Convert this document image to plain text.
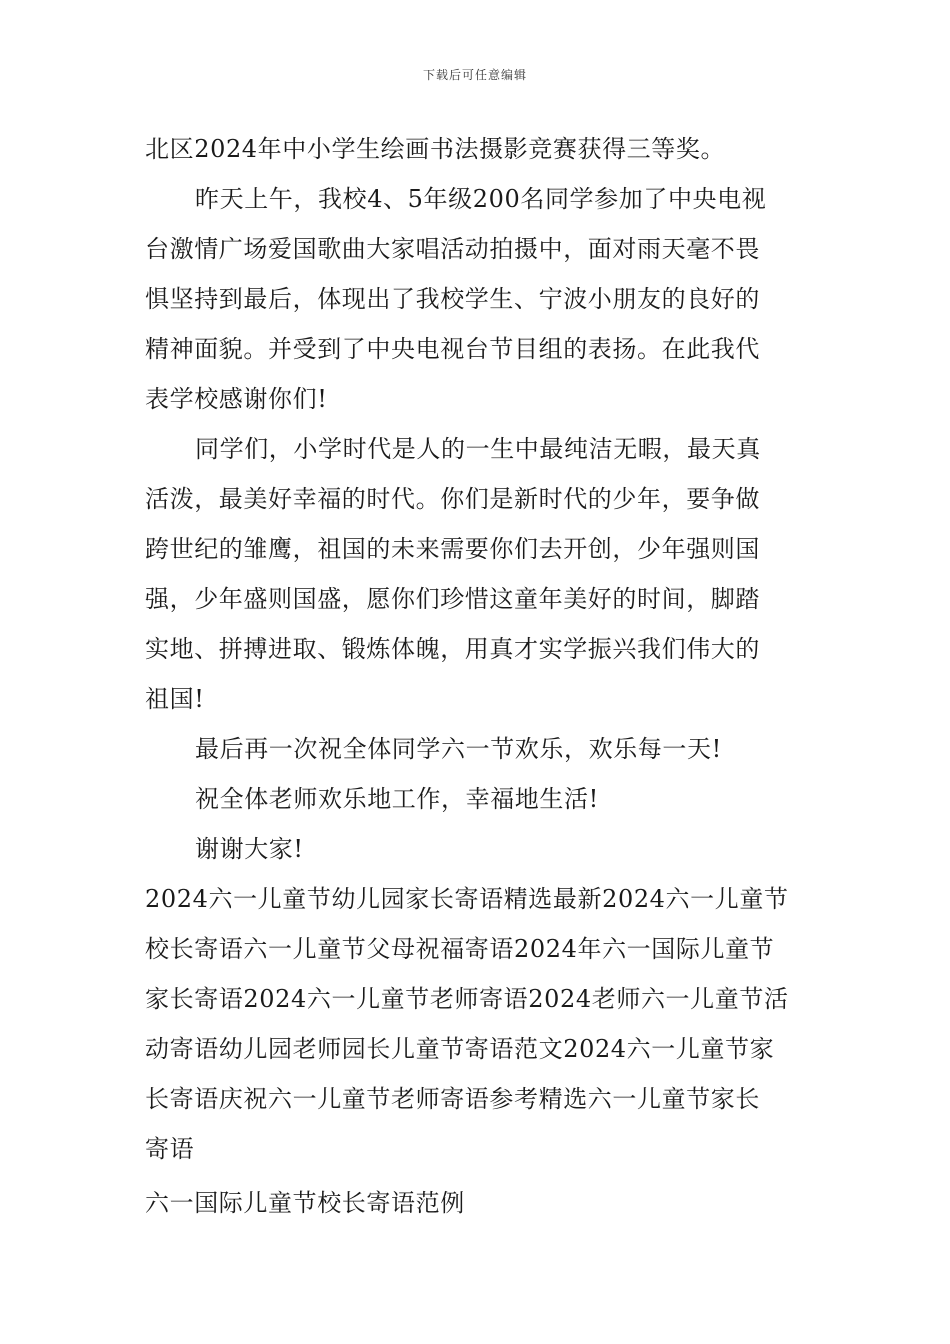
下载后可任意编辑
北区2024年中小学生绘画书法摄影竞赛获得三等奖。
昨天上午，我校4、5年级200名同学参加了中央电视
台激情广场爱国歌曲大家唱活动拍摄中，面对雨天毫不畏
惧坚持到最后，体现出了我校学生、宁波小朋友的良好的
精神面貌。并受到了中央电视台节目组的表扬。在此我代
表学校感谢你们!
同学们，小学时代是人的一生中最纯洁无暇，最天真
活泼，最美好幸福的时代。你们是新时代的少年，要争做
跨世纪的雏鹰，祖国的未来需要你们去开创，少年强则国
强，少年盛则国盛，愿你们珍惜这童年美好的时间，脚踏
实地、拼搏进取、锻炼体魄，用真才实学振兴我们伟大的
祖国!
最后再一次祝全体同学六一节欢乐，欢乐每一天!
祝全体老师欢乐地工作，幸福地生活!
谢谢大家!
2024六一儿童节幼儿园家长寄语精选最新2024六一儿童节
校长寄语六一儿童节父母祝福寄语2024年六一国际儿童节
家长寄语2024六一儿童节老师寄语2024老师六一儿童节活
动寄语幼儿园老师园长儿童节寄语范文2024六一儿童节家
长寄语庆祝六一儿童节老师寄语参考精选六一儿童节家长
寄语
六一国际儿童节校长寄语范例
